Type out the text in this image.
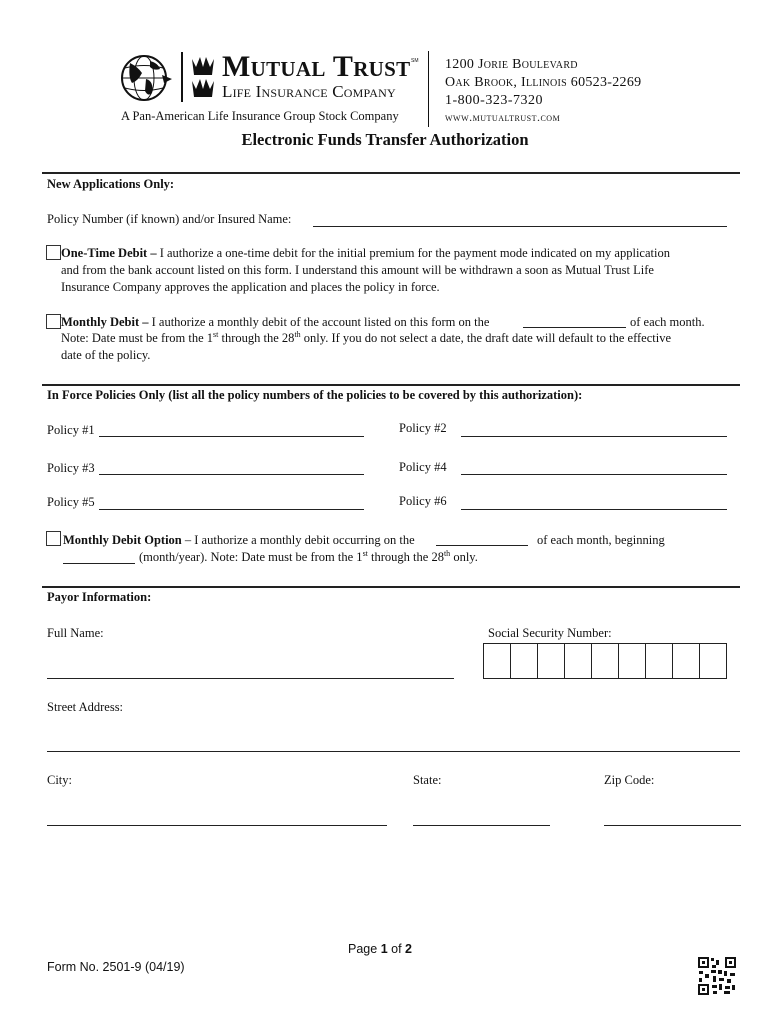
Mutual Trust SM
Life Insurance Company
A Pan-American Life Insurance Group Stock Company
1200 Jorie Boulevard
Oak Brook, Illinois 60523-2269
1-800-323-7320
www.mutualtrust.com
Electronic Funds Transfer Authorization
New Applications Only:
Policy Number (if known) and/or Insured Name:
One-Time Debit – I authorize a one-time debit for the initial premium for the payment mode indicated on my application
and from the bank account listed on this form. I understand this amount will be withdrawn a soon as Mutual Trust Life
Insurance Company approves the application and places the policy in force.
Monthly Debit – I authorize a monthly debit of the account listed on this form on the	of each month.
Note: Date must be from the 1st through the 28th only. If you do not select a date, the draft date will default to the effective
date of the policy.
In Force Policies Only (list all the policy numbers of the policies to be covered by this authorization):
Policy #1	Policy #2
Policy #3	Policy #4
Policy #5	Policy #6
Monthly Debit Option – I authorize a monthly debit occurring on the	of each month, beginning
(month/year). Note: Date must be from the 1st through the 28th only.
Payor Information:
Full Name:	Social Security Number:
Street Address:
City:	State:	Zip Code:
Page 1 of 2
Form No. 2501-9 (04/19)
